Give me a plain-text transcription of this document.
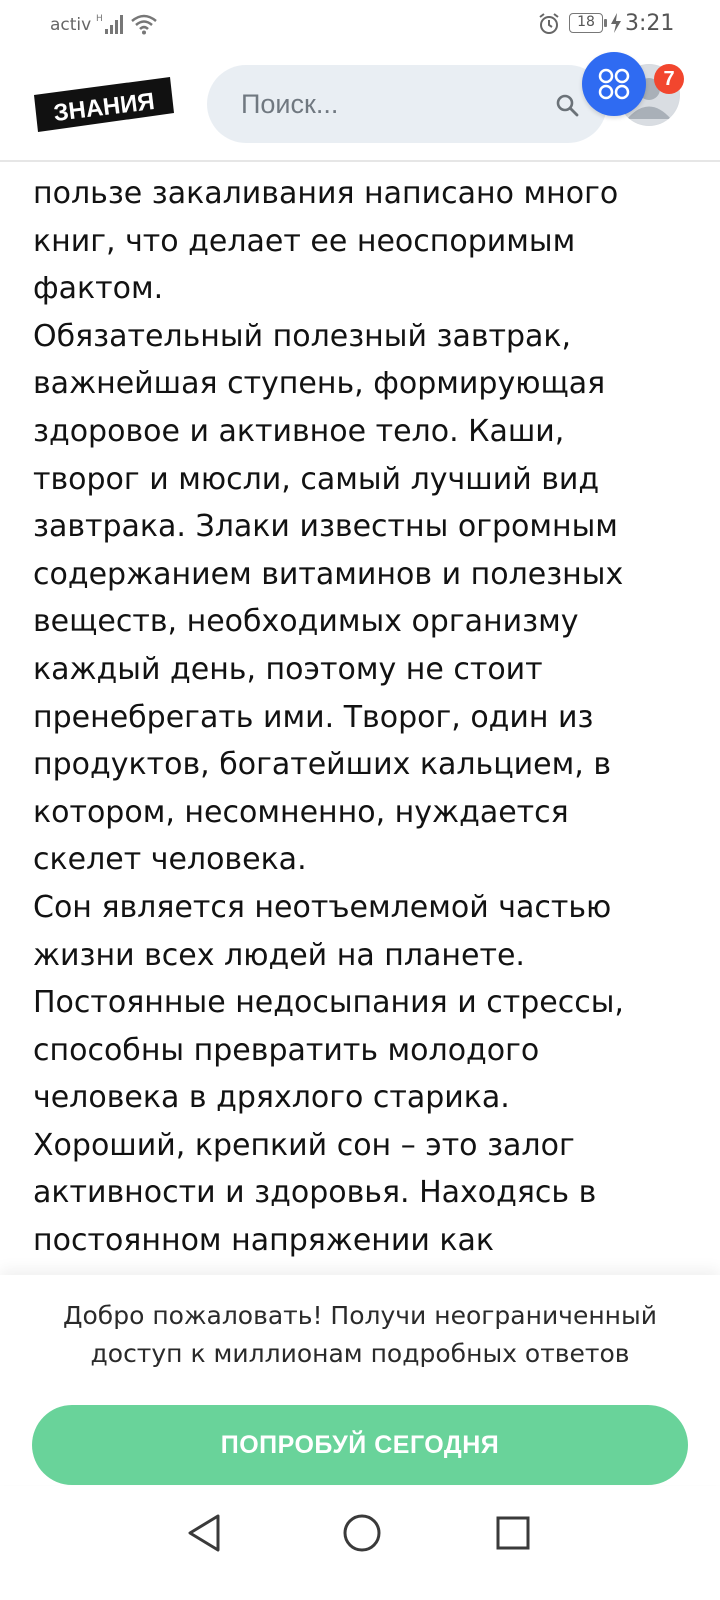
activ H	18	3:21

пользе закаливания написано много
книг, что делает ее неоспоримым
фактом.

Обязательный полезный завтрак,
важнейшая ступень, формирующая
здоровое и активное тело. Каши,
творог и мюсли, самый лучший вид
завтрака. Злаки известны огромным
содержанием витаминов и полезных
веществ, необходимых организму
каждый день, поэтому не стоит
пренебрегать ими. Творог, один из
продуктов, богатейших кальцием, в
котором, несомненно, нуждается
скелет человека.

Сон является неотъемлемой частью
жизни всех людей на планете.
Постоянные недосыпания и стрессы,
способны превратить молодого
человека в дряхлого старика.
Хороший, крепкий сон – это залог
активности и здоровья. Находясь в
постоянном напряжении как

ЗНАНИЯ
Поиск...
7
Добро пожаловать! Получи неограниченный
доступ к миллионам подробных ответов
ПОПРОБУЙ СЕГОДНЯ
